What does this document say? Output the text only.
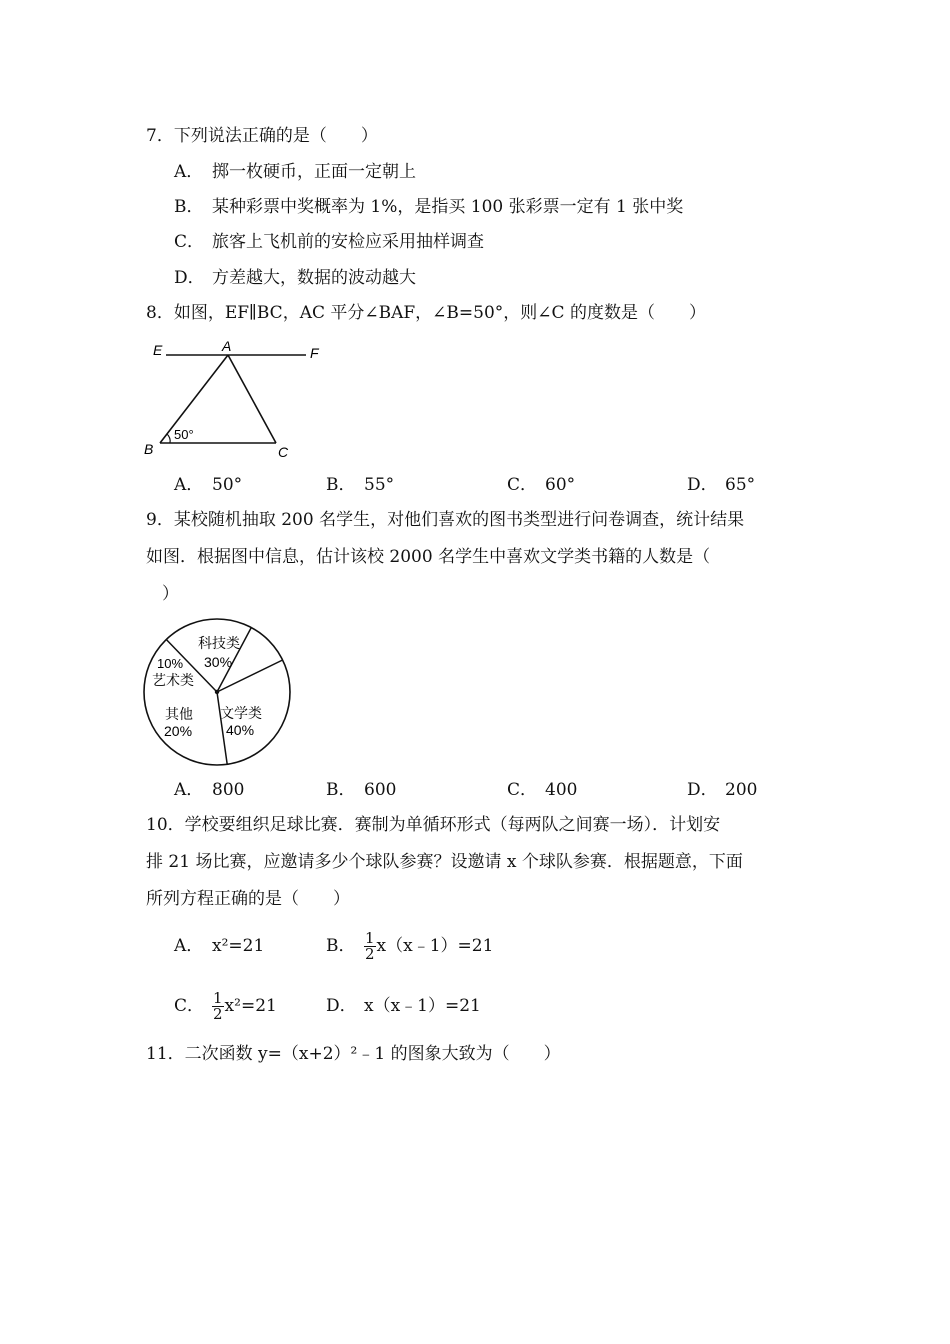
7．下列说法正确的是（　　）
A． 掷一枚硬币，正面一定朝上
B． 某种彩票中奖概率为 1%，是指买 100 张彩票一定有 1 张中奖
C． 旅客上飞机前的安检应采用抽样调查
D． 方差越大，数据的波动越大
8．如图，EF∥BC，AC 平分∠BAF，∠B=50°，则∠C 的度数是（　　）
E	A	F
B	C
50°
A． 50°	B． 55°	C． 60°	D． 65°
9．某校随机抽取 200 名学生，对他们喜欢的图书类型进行问卷调查，统计结果
如图．根据图中信息，估计该校 2000 名学生中喜欢文学类书籍的人数是（
）
科技类
30%
10%
艺术类
其他
20%
文学类
40%
A． 800	B． 600	C． 400	D． 200
10．学校要组织足球比赛．赛制为单循环形式（每两队之间赛一场）．计划安
排 21 场比赛，应邀请多少个球队参赛？设邀请 x 个球队参赛．根据题意，下面
所列方程正确的是（　　）
A． x²=21	B． $\frac{1}{2}$ x（x﹣1）=21
C． $\frac{1}{2} x^2=21$	D． x（x﹣1）=21
11．二次函数 y=（x+2）²﹣1 的图象大致为（　　）
